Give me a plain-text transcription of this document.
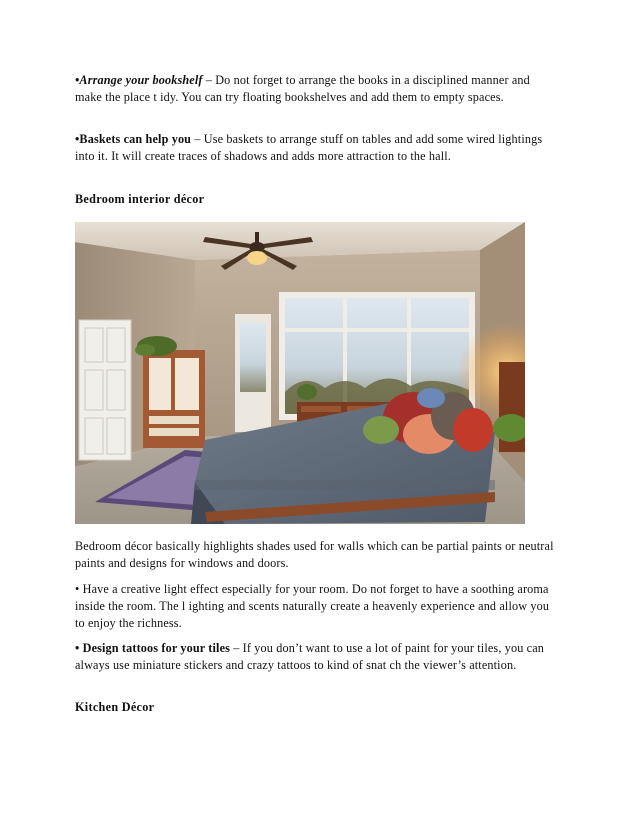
•Arrange your bookshelf – Do not forget to arrange the books in a disciplined manner and make the place t idy. You can try floating bookshelves and add them to empty spaces.

•Baskets can help you – Use baskets to arrange stuff on tables and add some wired lightings into it. It will create traces of shadows and adds more attraction to the hall.

Bedroom interior décor

Bedroom décor basically highlights shades used for walls which can be partial paints or neutral paints and designs for windows and doors.

• Have a creative light effect especially for your room. Do not forget to have a soothing aroma inside the room. The l ighting and scents naturally create a heavenly experience and allow you to enjoy the richness.

• Design tattoos for your tiles – If you don’t want to use a lot of paint for your tiles, you can always use miniature stickers and crazy tattoos to kind of snat ch the viewer’s attention.

Kitchen Décor
